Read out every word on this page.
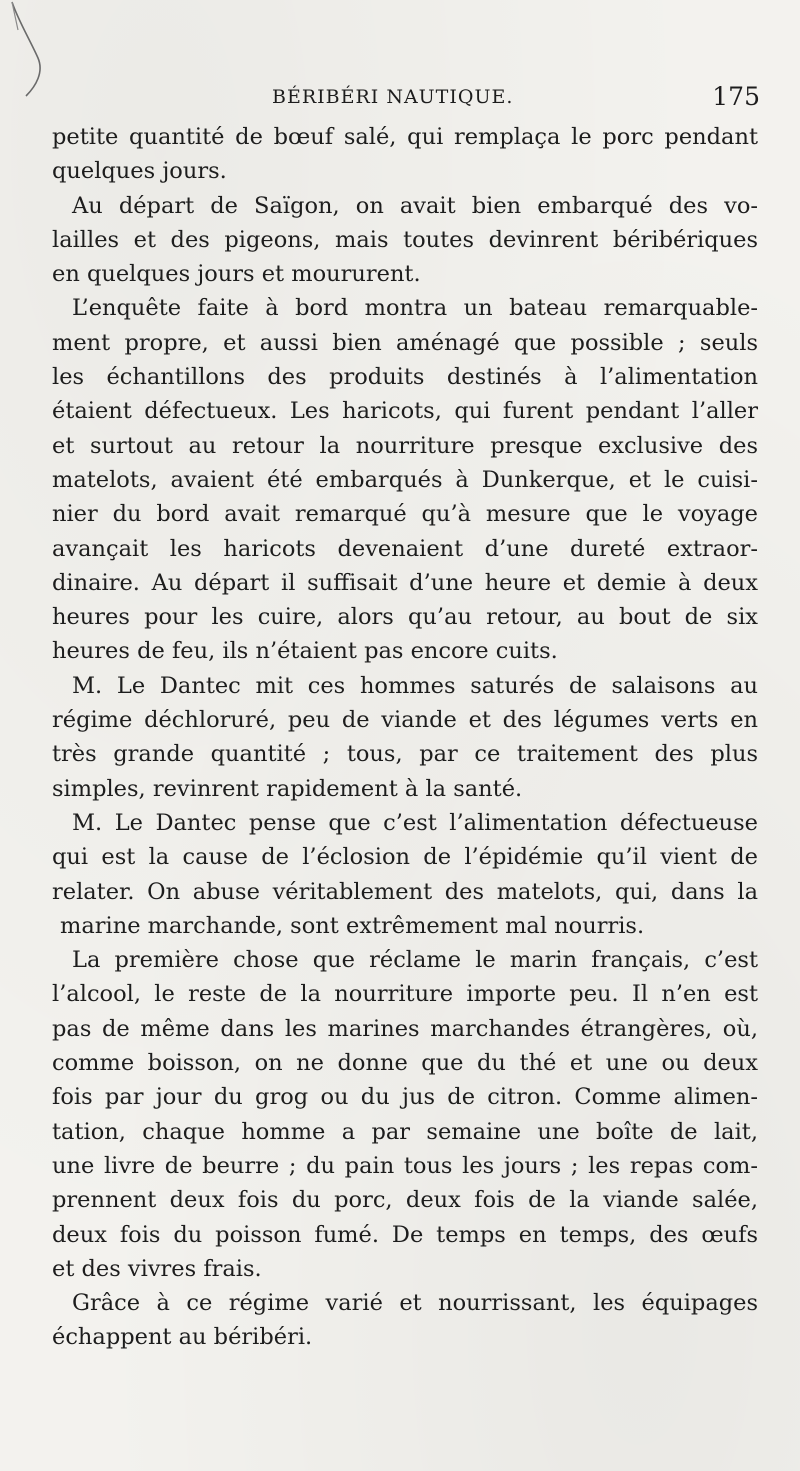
BÉRIBÉRI NAUTIQUE.	175
petite quantité de bœuf salé, qui remplaça le porc pendant
quelques jours.
Au départ de Saïgon, on avait bien embarqué des vo-
lailles et des pigeons, mais toutes devinrent béribériques
en quelques jours et moururent.
L’enquête faite à bord montra un bateau remarquable-
ment propre, et aussi bien aménagé que possible ; seuls
les échantillons des produits destinés à l’alimentation
étaient défectueux. Les haricots, qui furent pendant l’aller
et surtout au retour la nourriture presque exclusive des
matelots, avaient été embarqués à Dunkerque, et le cuisi-
nier du bord avait remarqué qu’à mesure que le voyage
avançait les haricots devenaient d’une dureté extraor-
dinaire. Au départ il suffisait d’une heure et demie à deux
heures pour les cuire, alors qu’au retour, au bout de six
heures de feu, ils n’étaient pas encore cuits.
M. Le Dantec mit ces hommes saturés de salaisons au
régime déchloruré, peu de viande et des légumes verts en
très grande quantité ; tous, par ce traitement des plus
simples, revinrent rapidement à la santé.
M. Le Dantec pense que c’est l’alimentation défectueuse
qui est la cause de l’éclosion de l’épidémie qu’il vient de
relater. On abuse véritablement des matelots, qui, dans la
marine marchande, sont extrêmement mal nourris.
La première chose que réclame le marin français, c’est
l’alcool, le reste de la nourriture importe peu. Il n’en est
pas de même dans les marines marchandes étrangères, où,
comme boisson, on ne donne que du thé et une ou deux
fois par jour du grog ou du jus de citron. Comme alimen-
tation, chaque homme a par semaine une boîte de lait,
une livre de beurre ; du pain tous les jours ; les repas com-
prennent deux fois du porc, deux fois de la viande salée,
deux fois du poisson fumé. De temps en temps, des œufs
et des vivres frais.
Grâce à ce régime varié et nourrissant, les équipages
échappent au béribéri.
